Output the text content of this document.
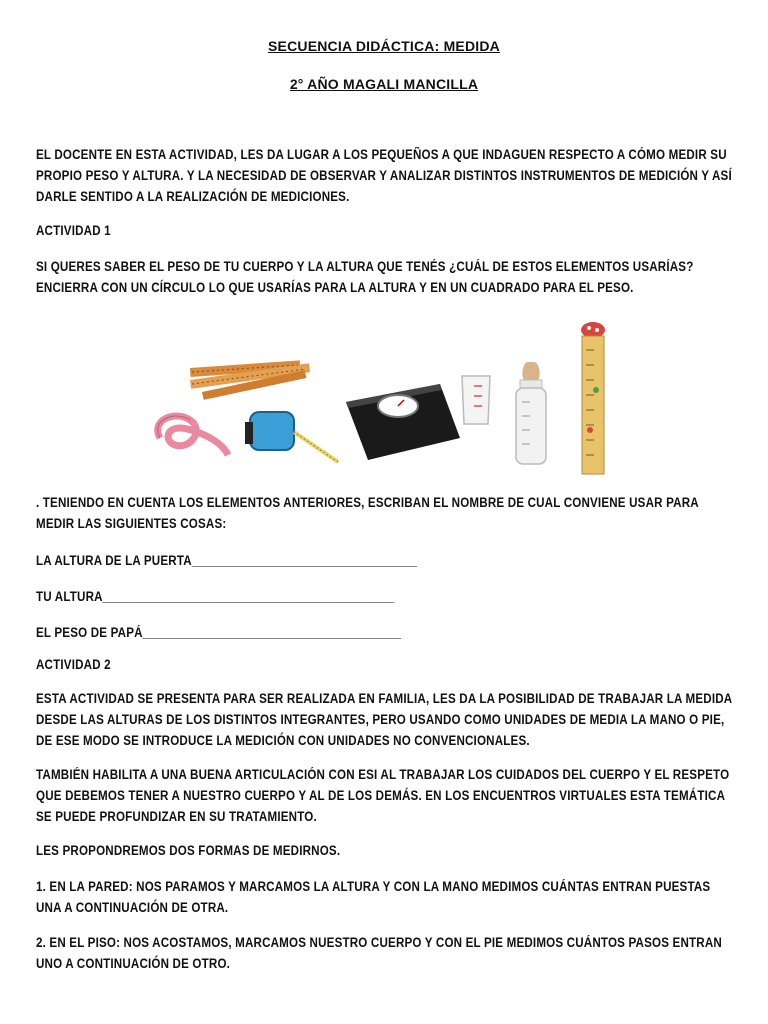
SECUENCIA DIDÁCTICA: MEDIDA

2° AÑO MAGALI MANCILLA

EL DOCENTE EN ESTA ACTIVIDAD, LES DA LUGAR A LOS PEQUEÑOS A QUE INDAGUEN RESPECTO A CÓMO MEDIR SU PROPIO PESO Y ALTURA. Y LA NECESIDAD DE OBSERVAR Y ANALIZAR DISTINTOS INSTRUMENTOS DE MEDICIÓN Y ASÍ DARLE SENTIDO A LA REALIZACIÓN DE MEDICIONES.

ACTIVIDAD 1

SI QUERES SABER EL PESO DE TU CUERPO Y LA ALTURA QUE TENÉS ¿CUÁL DE ESTOS ELEMENTOS USARÍAS? ENCIERRA CON UN CÍRCULO LO QUE USARÍAS PARA LA ALTURA Y EN UN CUADRADO PARA EL PESO.

. TENIENDO EN CUENTA LOS ELEMENTOS ANTERIORES, ESCRIBAN EL NOMBRE DE CUAL CONVIENE USAR PARA MEDIR LAS SIGUIENTES COSAS:

LA ALTURA DE LA PUERTA__________________________________

TU ALTURA____________________________________________

EL PESO DE PAPÁ_______________________________________

ACTIVIDAD 2

ESTA ACTIVIDAD SE PRESENTA PARA SER REALIZADA EN FAMILIA, LES DA LA POSIBILIDAD DE TRABAJAR LA MEDIDA DESDE LAS ALTURAS DE LOS DISTINTOS INTEGRANTES, PERO USANDO COMO UNIDADES DE MEDIA LA MANO O PIE, DE ESE MODO SE INTRODUCE LA MEDICIÓN CON UNIDADES NO CONVENCIONALES.

TAMBIÉN HABILITA A UNA BUENA ARTICULACIÓN CON ESI AL TRABAJAR LOS CUIDADOS DEL CUERPO Y EL RESPETO QUE DEBEMOS TENER A NUESTRO CUERPO Y AL DE LOS DEMÁS. EN LOS ENCUENTROS VIRTUALES ESTA TEMÁTICA SE PUEDE PROFUNDIZAR EN SU TRATAMIENTO.

LES PROPONDREMOS DOS FORMAS DE MEDIRNOS.

1. EN LA PARED: NOS PARAMOS Y MARCAMOS LA ALTURA Y CON LA MANO MEDIMOS CUÁNTAS ENTRAN PUESTAS UNA A CONTINUACIÓN DE OTRA.

2. EN EL PISO: NOS ACOSTAMOS, MARCAMOS NUESTRO CUERPO Y CON EL PIE MEDIMOS CUÁNTOS PASOS ENTRAN UNO A CONTINUACIÓN DE OTRO.
